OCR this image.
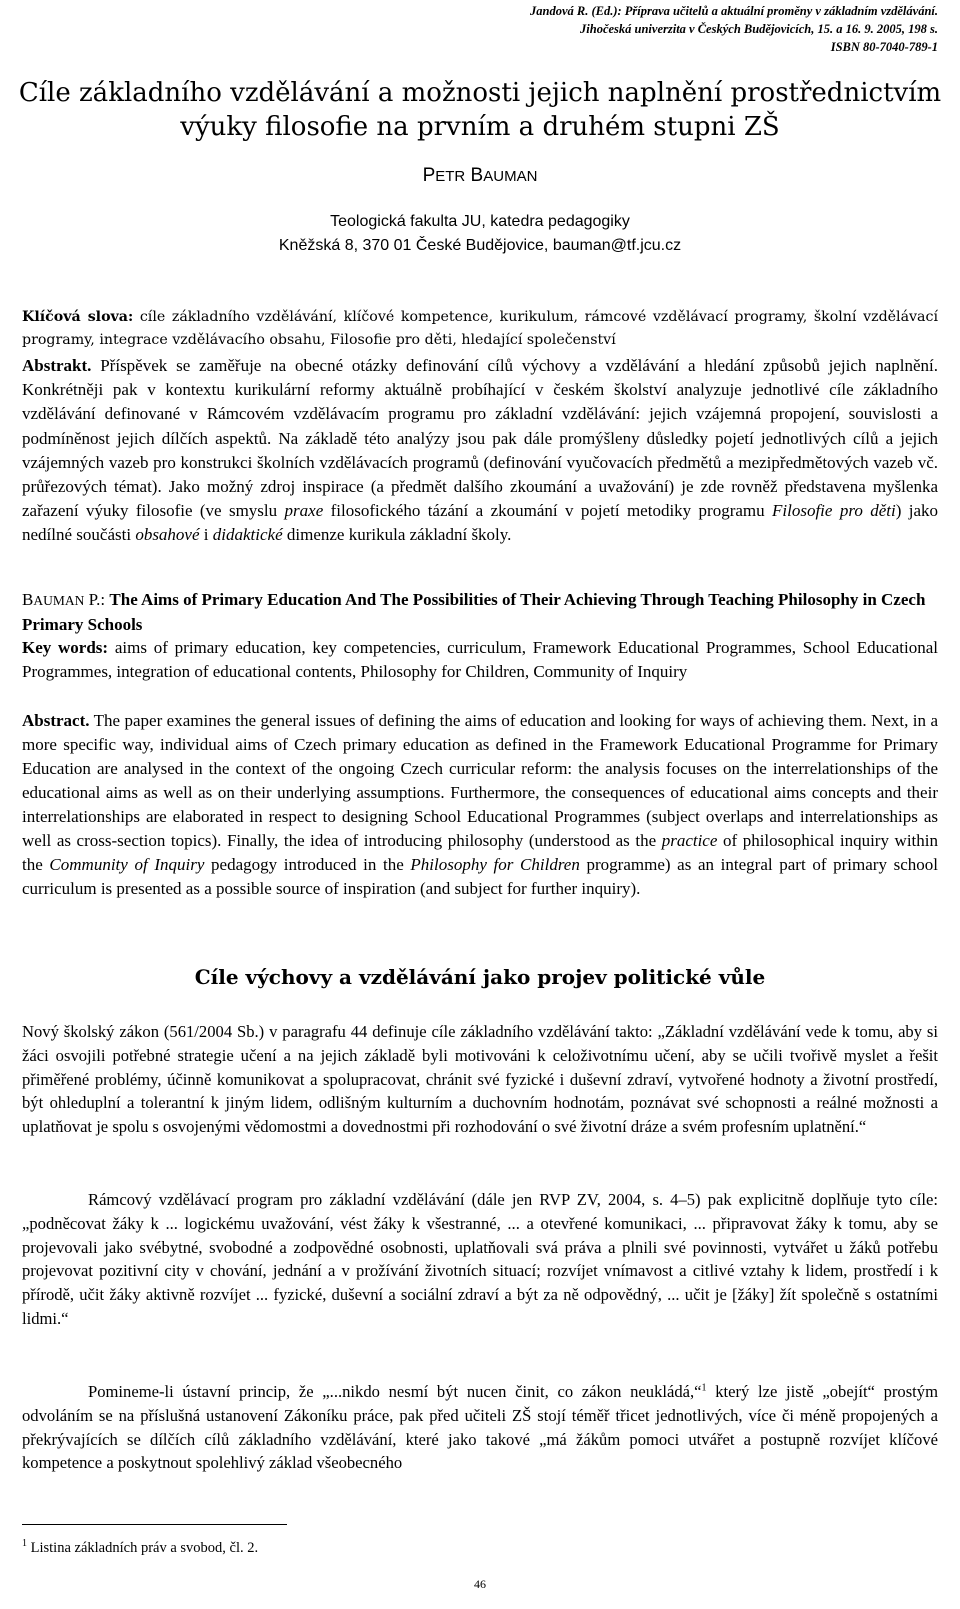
Jandová R. (Ed.): Příprava učitelů a aktuální proměny v základním vzdělávání.
Jihočeská univerzita v Českých Budějovicích, 15. a 16. 9. 2005, 198 s.
ISBN 80-7040-789-1
Cíle základního vzdělávání a možnosti jejich naplnění prostřednictvím
výuky filosofie na prvním a druhém stupni ZŠ
PETR BAUMAN
Teologická fakulta JU, katedra pedagogiky
Kněžská 8, 370 01 České Budějovice, bauman@tf.jcu.cz

Klíčová slova: cíle základního vzdělávání, klíčové kompetence, kurikulum, rámcové vzdělávací programy, školní vzdělávací programy, integrace vzdělávacího obsahu, Filosofie pro děti, hledající společenství

Abstrakt. Příspěvek se zaměřuje na obecné otázky definování cílů výchovy a vzdělávání a hledání způsobů jejich naplnění. Konkrétněji pak v kontextu kurikulární reformy aktuálně probíhající v českém školství analyzuje jednotlivé cíle základního vzdělávání definované v Rámcovém vzdělávacím programu pro základní vzdělávání: jejich vzájemná propojení, souvislosti a podmíněnost jejich dílčích aspektů. Na základě této analýzy jsou pak dále promýšleny důsledky pojetí jednotlivých cílů a jejich vzájemných vazeb pro konstrukci školních vzdělávacích programů (definování vyučovacích předmětů a mezipředmětových vazeb vč. průřezových témat). Jako možný zdroj inspirace (a předmět dalšího zkoumání a uvažování) je zde rovněž představena myšlenka zařazení výuky filosofie (ve smyslu praxe filosofického tázání a zkoumání v pojetí metodiky programu Filosofie pro děti) jako nedílné součásti obsahové i didaktické dimenze kurikula základní školy.

BAUMAN P.: The Aims of Primary Education And The Possibilities of Their Achieving Through Teaching Philosophy in Czech Primary Schools

Key words: aims of primary education, key competencies, curriculum, Framework Educational Programmes, School Educational Programmes, integration of educational contents, Philosophy for Children, Community of Inquiry

Abstract. The paper examines the general issues of defining the aims of education and looking for ways of achieving them. Next, in a more specific way, individual aims of Czech primary education as defined in the Framework Educational Programme for Primary Education are analysed in the context of the ongoing Czech curricular reform: the analysis focuses on the interrelationships of the educational aims as well as on their underlying assumptions. Furthermore, the consequences of educational aims concepts and their interrelationships are elaborated in respect to designing School Educational Programmes (subject overlaps and interrelationships as well as cross-section topics). Finally, the idea of introducing philosophy (understood as the practice of philosophical inquiry within the Community of Inquiry pedagogy introduced in the Philosophy for Children programme) as an integral part of primary school curriculum is presented as a possible source of inspiration (and subject for further inquiry).

Cíle výchovy a vzdělávání jako projev politické vůle

Nový školský zákon (561/2004 Sb.) v paragrafu 44 definuje cíle základního vzdělávání takto: „Základní vzdělávání vede k tomu, aby si žáci osvojili potřebné strategie učení a na jejich základě byli motivováni k celoživotnímu učení, aby se učili tvořivě myslet a řešit přiměřené problémy, účinně komunikovat a spolupracovat, chránit své fyzické i duševní zdraví, vytvořené hodnoty a životní prostředí, být ohleduplní a tolerantní k jiným lidem, odlišným kulturním a duchovním hodnotám, poznávat své schopnosti a reálné možnosti a uplatňovat je spolu s osvojenými vědomostmi a dovednostmi při rozhodování o své životní dráze a svém profesním uplatnění.“

Rámcový vzdělávací program pro základní vzdělávání (dále jen RVP ZV, 2004, s. 4–5) pak explicitně doplňuje tyto cíle: „podněcovat žáky k ... logickému uvažování, vést žáky k všestranné, ... a otevřené komunikaci, ... připravovat žáky k tomu, aby se projevovali jako svébytné, svobodné a zodpovědné osobnosti, uplatňovali svá práva a plnili své povinnosti, vytvářet u žáků potřebu projevovat pozitivní city v chování, jednání a v prožívání životních situací; rozvíjet vnímavost a citlivé vztahy k lidem, prostředí i k přírodě, učit žáky aktivně rozvíjet ... fyzické, duševní a sociální zdraví a být za ně odpovědný, ... učit je [žáky] žít společně s ostatními lidmi.“

Pomineme-li ústavní princip, že „...nikdo nesmí být nucen činit, co zákon neukládá,“$^1$ který lze jistě „obejít“ prostým odvoláním se na příslušná ustanovení Zákoníku práce, pak před učiteli ZŠ stojí téměř třicet jednotlivých, více či méně propojených a překrývajících se dílčích cílů základního vzdělávání, které jako takové „má žákům pomoci utvářet a postupně rozvíjet klíčové kompetence a poskytnout spolehlivý základ všeobecného

$^1$ Listina základních práv a svobod, čl. 2.
46
